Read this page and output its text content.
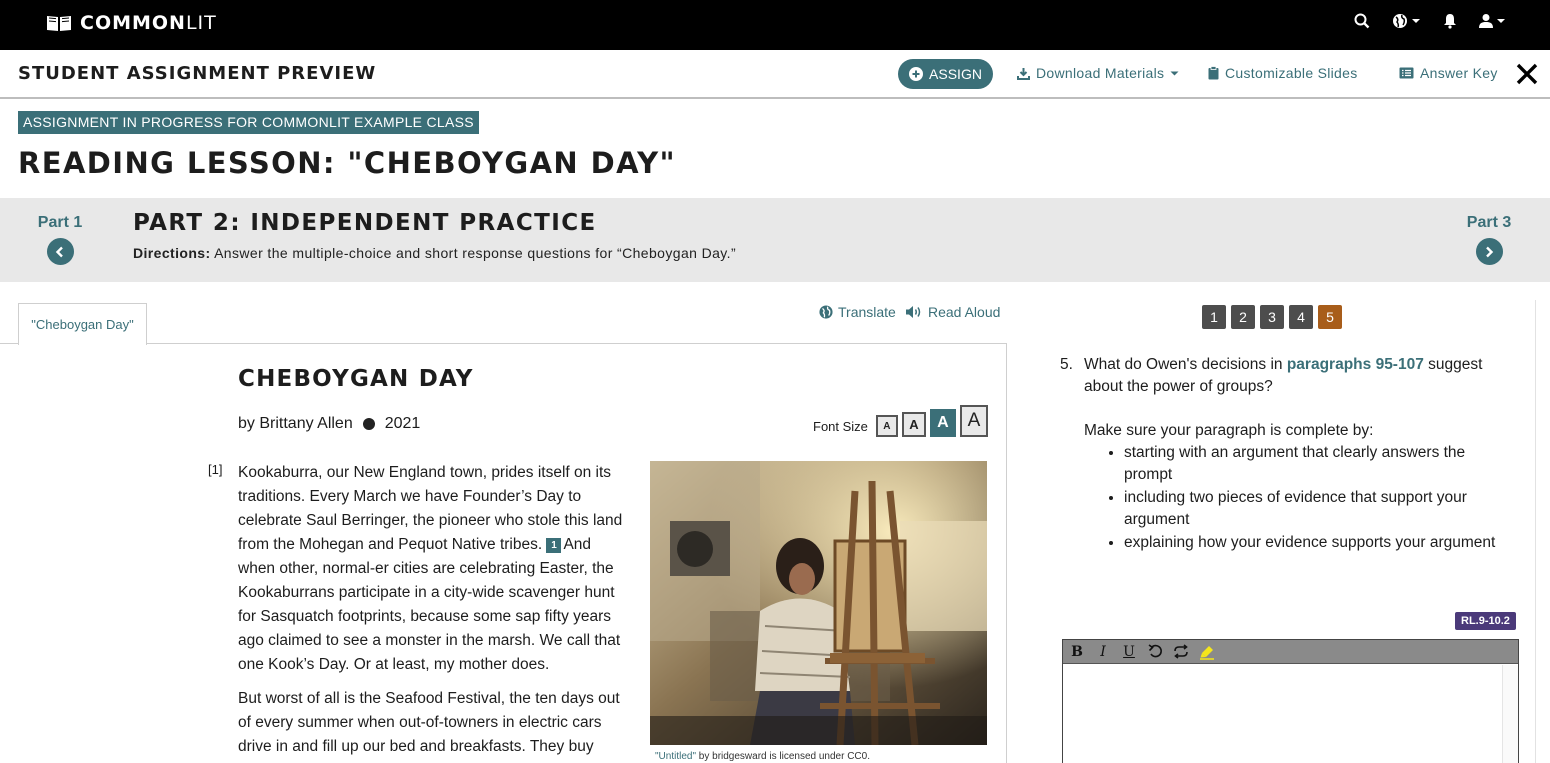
COMMONLIT
STUDENT ASSIGNMENT PREVIEW	ASSIGN	Download Materials	Customizable Slides	Answer Key
ASSIGNMENT IN PROGRESS FOR COMMONLIT EXAMPLE CLASS
READING LESSON: "CHEBOYGAN DAY"
Part 1	PART 2: INDEPENDENT PRACTICE
Directions: Answer the multiple-choice and short response questions for “Cheboygan Day.”
Part 3
"Cheboygan Day"
Translate Read Aloud
CHEBOYGAN DAY
by Brittany Allen 2021	Font Size	A	A	A A
[1] Kookaburra, our New England town, prides itself on its traditions. Every March we have Founder’s Day to celebrate Saul Berringer, the pioneer who stole this land from the Mohegan and Pequot Native tribes. 1 And when other, normal-er cities are celebrating Easter, the Kookaburrans participate in a city-wide scavenger hunt for Sasquatch footprints, because some sap fifty years ago claimed to see a monster in the marsh. We call that one Kook’s Day. Or at least, my mother does.

But worst of all is the Seafood Festival, the ten days out of every summer when out-of-towners in electric cars drive in and fill up our bed and breakfasts. They buy

"Untitled" by bridgesward is licensed under CC0.
1	2	3	4	5
5. What do Owen's decisions in paragraphs 95-107 suggest about the power of groups?
Make sure your paragraph is complete by:
• starting with an argument that clearly answers the prompt
• including two pieces of evidence that support your argument
• explaining how your evidence supports your argument
RL.9-10.2
B	I	U
